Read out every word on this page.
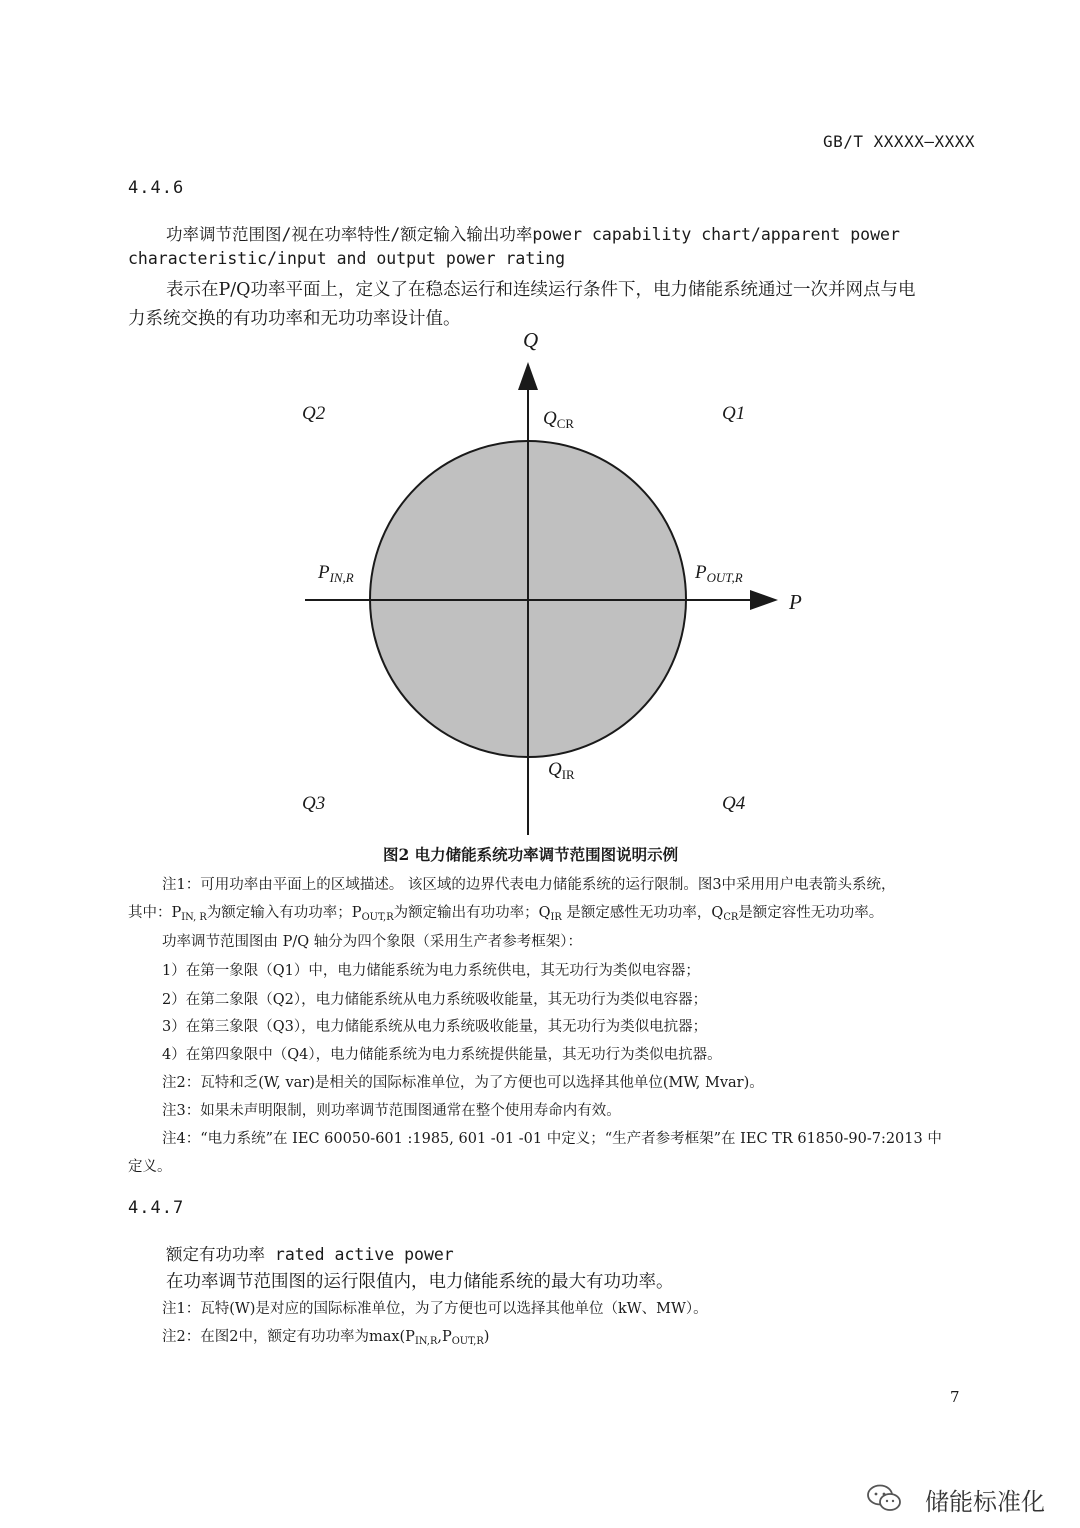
GB/T XXXXX—XXXX
4.4.6
功率调节范围图/视在功率特性/额定输入输出功率power capability chart/apparent power
characteristic/input and output power rating
表示在P/Q功率平面上，定义了在稳态运行和连续运行条件下，电力储能系统通过一次并网点与电
力系统交换的有功功率和无功功率设计值。
Q
P
Q2	Q1
Q3	Q4
$Q_{CR}$
$Q_{IR}$
$P_{IN,R}$	$P_{OUT,R}$
图2 电力储能系统功率调节范围图说明示例
注1：可用功率由平面上的区域描述。 该区域的边界代表电力储能系统的运行限制。图3中采用用户电表箭头系统，
其中：$P_{IN, R}$为额定输入有功功率；$P_{OUT,R}$为额定输出有功功率；$Q_{IR}$ 是额定感性无功功率，$Q_{CR}$是额定容性无功功率。
功率调节范围图由 P/Q 轴分为四个象限（采用生产者参考框架）：
1）在第一象限（Q1）中，电力储能系统为电力系统供电，其无功行为类似电容器；
2）在第二象限（Q2），电力储能系统从电力系统吸收能量，其无功行为类似电容器；
3）在第三象限（Q3），电力储能系统从电力系统吸收能量，其无功行为类似电抗器；
4）在第四象限中（Q4），电力储能系统为电力系统提供能量，其无功行为类似电抗器。
注2：瓦特和乏(W, var)是相关的国际标准单位，为了方便也可以选择其他单位(MW, Mvar)。
注3：如果未声明限制，则功率调节范围图通常在整个使用寿命内有效。
注4：“电力系统”在 IEC 60050-601 :1985, 601 -01 -01 中定义；“生产者参考框架”在 IEC TR 61850-90-7:2013 中
定义。
4.4.7
额定有功功率 rated active power
在功率调节范围图的运行限值内，电力储能系统的最大有功功率。
注1：瓦特(W)是对应的国际标准单位，为了方便也可以选择其他单位（kW、MW）。
注2：在图2中，额定有功功率为$\max(P_{IN,R},P_{OUT,R})$
7
储能标准化
